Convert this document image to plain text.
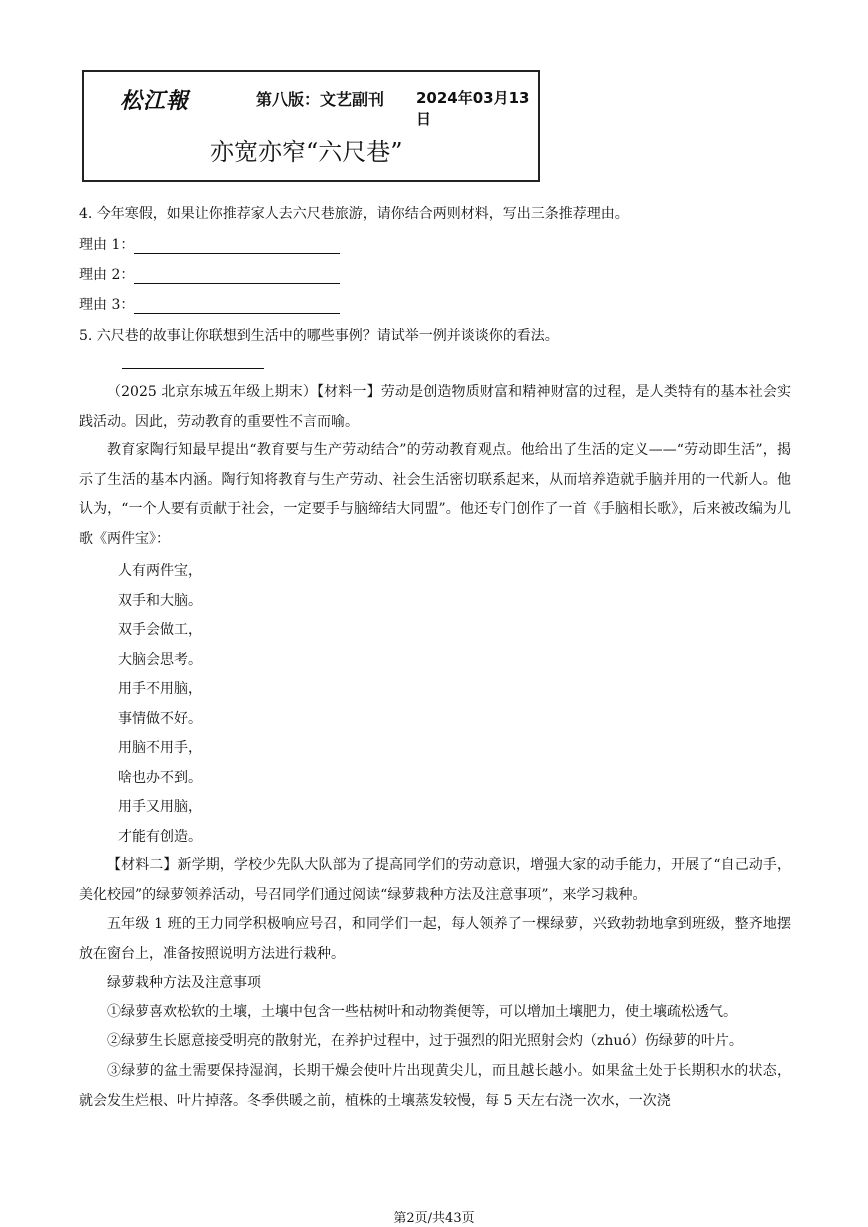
松江報	第八版：文艺副刊 2024年03月13日
亦宽亦窄“六尺巷”
4. 今年寒假，如果让你推荐家人去六尺巷旅游，请你结合两则材料，写出三条推荐理由。
理由 1：
理由 2：
理由 3：
5. 六尺巷的故事让你联想到生活中的哪些事例？请试举一例并谈谈你的看法。

（2025 北京东城五年级上期末）【材料一】劳动是创造物质财富和精神财富的过程，是人类特有的基本社会实践活动。因此，劳动教育的重要性不言而喻。

教育家陶行知最早提出“教育要与生产劳动结合”的劳动教育观点。他给出了生活的定义——“劳动即生活”，揭示了生活的基本内涵。陶行知将教育与生产劳动、社会生活密切联系起来，从而培养造就手脑并用的一代新人。他认为，“一个人要有贡献于社会，一定要手与脑缔结大同盟”。他还专门创作了一首《手脑相长歌》，后来被改编为儿歌《两件宝》：

人有两件宝，
双手和大脑。
双手会做工，
大脑会思考。
用手不用脑，
事情做不好。
用脑不用手，
啥也办不到。
用手又用脑，
才能有创造。

【材料二】新学期，学校少先队大队部为了提高同学们的劳动意识，增强大家的动手能力，开展了“自己动手，美化校园”的绿萝领养活动，号召同学们通过阅读“绿萝栽种方法及注意事项”，来学习栽种。

五年级 1 班的王力同学积极响应号召，和同学们一起，每人领养了一棵绿萝，兴致勃勃地拿到班级，整齐地摆放在窗台上，准备按照说明方法进行栽种。

绿萝栽种方法及注意事项

①绿萝喜欢松软的土壤，土壤中包含一些枯树叶和动物粪便等，可以增加土壤肥力，使土壤疏松透气。

②绿萝生长愿意接受明亮的散射光，在养护过程中，过于强烈的阳光照射会灼（zhuó）伤绿萝的叶片。

③绿萝的盆土需要保持湿润，长期干燥会使叶片出现黄尖儿，而且越长越小。如果盆土处于长期积水的状态，就会发生烂根、叶片掉落。冬季供暖之前，植株的土壤蒸发较慢，每 5 天左右浇一次水，一次浇

第2页/共43页
